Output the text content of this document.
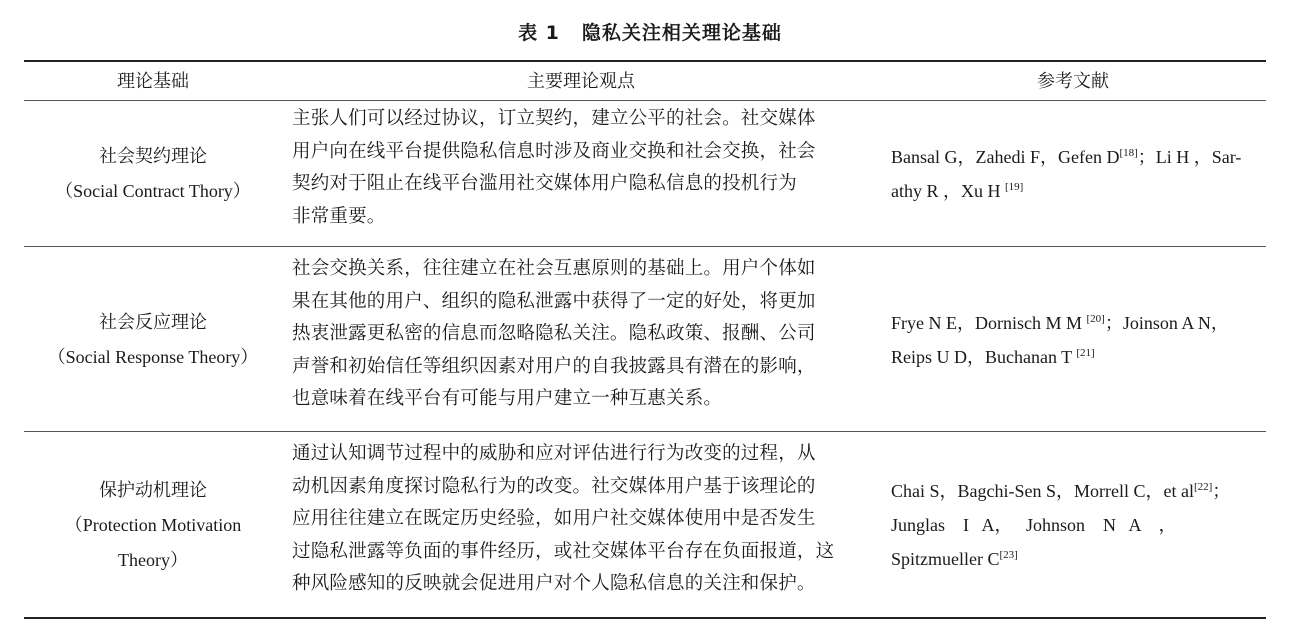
表 1 隐私关注相关理论基础
理论基础	主要理论观点	参考文献
社会契约理论
（Social Contract Thory）
主张人们可以经过协议，订立契约，建立公平的社会。社交媒体
用户向在线平台提供隐私信息时涉及商业交换和社会交换，社会
契约对于阻止在线平台滥用社交媒体用户隐私信息的投机行为
非常重要。
Bansal G，Zahedi F，Gefen D[18]；Li H ，Sar-
athy R ，Xu H [19]
社会反应理论
（Social Response Theory）
社会交换关系，往往建立在社会互惠原则的基础上。用户个体如
果在其他的用户、组织的隐私泄露中获得了一定的好处，将更加
热衷泄露更私密的信息而忽略隐私关注。隐私政策、报酬、公司
声誉和初始信任等组织因素对用户的自我披露具有潜在的影响，
也意味着在线平台有可能与用户建立一种互惠关系。
Frye N E，Dornisch M M [20]；Joinson A N，
Reips U D，Buchanan T [21]
保护动机理论
（Protection Motivation
Theory）
通过认知调节过程中的威胁和应对评估进行行为改变的过程，从
动机因素角度探讨隐私行为的改变。社交媒体用户基于该理论的
应用往往建立在既定历史经验，如用户社交媒体使用中是否发生
过隐私泄露等负面的事件经历，或社交媒体平台存在负面报道，这
种风险感知的反映就会促进用户对个人隐私信息的关注和保护。
Chai S，Bagchi-Sen S，Morrell C，et al[22]；
Junglas    I   A，   Johnson    N   A    ，
Spitzmueller C[23]
